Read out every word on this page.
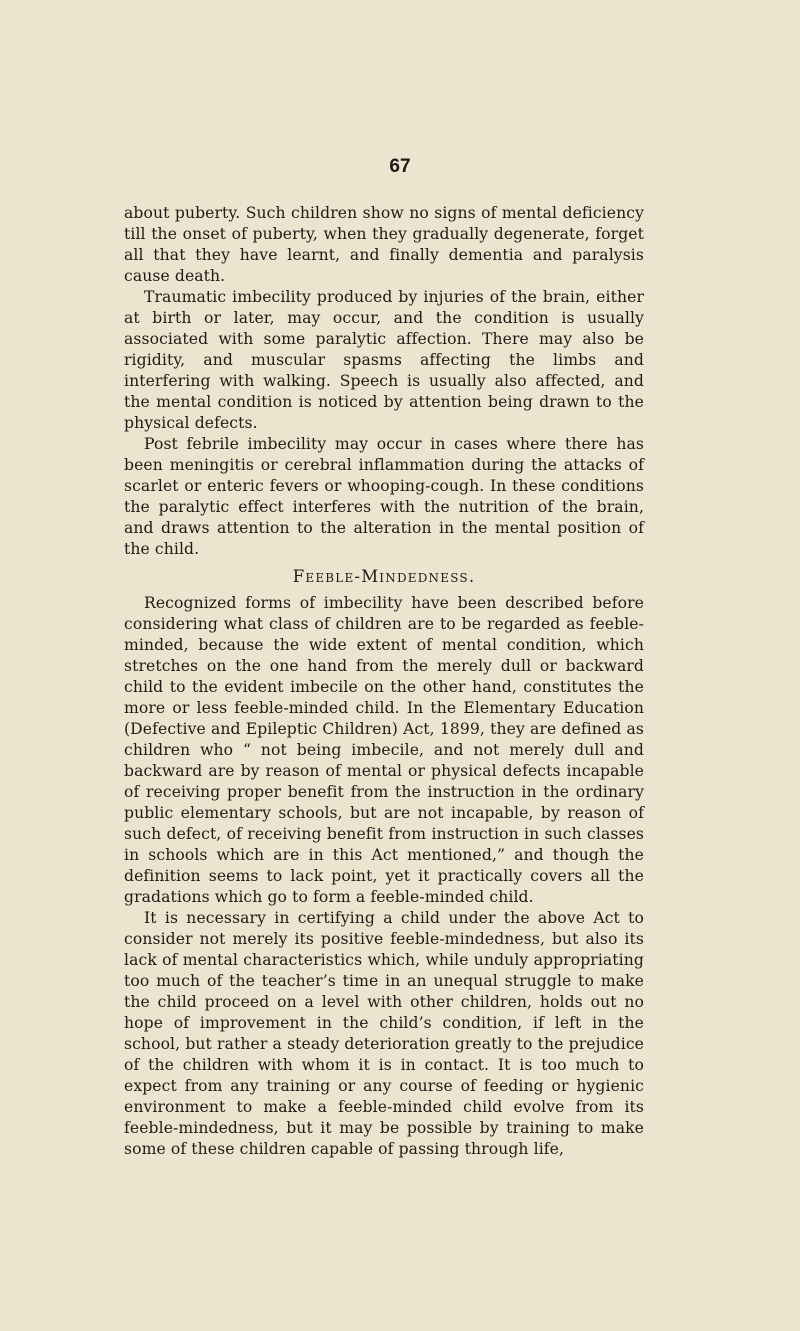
67

about puberty. Such children show no signs of mental deficiency till the onset of puberty, when they gradually degenerate, forget all that they have learnt, and finally dementia and paralysis cause death.

Traumatic imbecility produced by injuries of the brain, either at birth or later, may occur, and the condition is usually associated with some paralytic affection. There may also be rigidity, and muscular spasms affecting the limbs and interfering with walking. Speech is usually also affected, and the mental condition is noticed by attention being drawn to the physical defects.

Post febrile imbecility may occur in cases where there has been meningitis or cerebral inflammation during the attacks of scarlet or enteric fevers or whooping-cough. In these conditions the paralytic effect interferes with the nutrition of the brain, and draws attention to the alteration in the mental position of the child.

Feeble-Mindedness.

Recognized forms of imbecility have been described before considering what class of children are to be regarded as feeble-minded, because the wide extent of mental condition, which stretches on the one hand from the merely dull or backward child to the evident imbecile on the other hand, constitutes the more or less feeble-minded child. In the Elementary Education (Defective and Epileptic Children) Act, 1899, they are defined as children who “ not being imbecile, and not merely dull and backward are by reason of mental or physical defects incapable of receiving proper benefit from the instruction in the ordinary public elementary schools, but are not incapable, by reason of such defect, of receiving benefit from instruction in such classes in schools which are in this Act mentioned,” and though the definition seems to lack point, yet it practically covers all the gradations which go to form a feeble-minded child.

It is necessary in certifying a child under the above Act to consider not merely its positive feeble-mindedness, but also its lack of mental characteristics which, while unduly appropriating too much of the teacher’s time in an unequal struggle to make the child proceed on a level with other children, holds out no hope of improvement in the child’s condition, if left in the school, but rather a steady deterioration greatly to the prejudice of the children with whom it is in contact. It is too much to expect from any training or any course of feeding or hygienic environment to make a feeble-minded child evolve from its feeble-mindedness, but it may be possible by training to make some of these children capable of passing through life,
